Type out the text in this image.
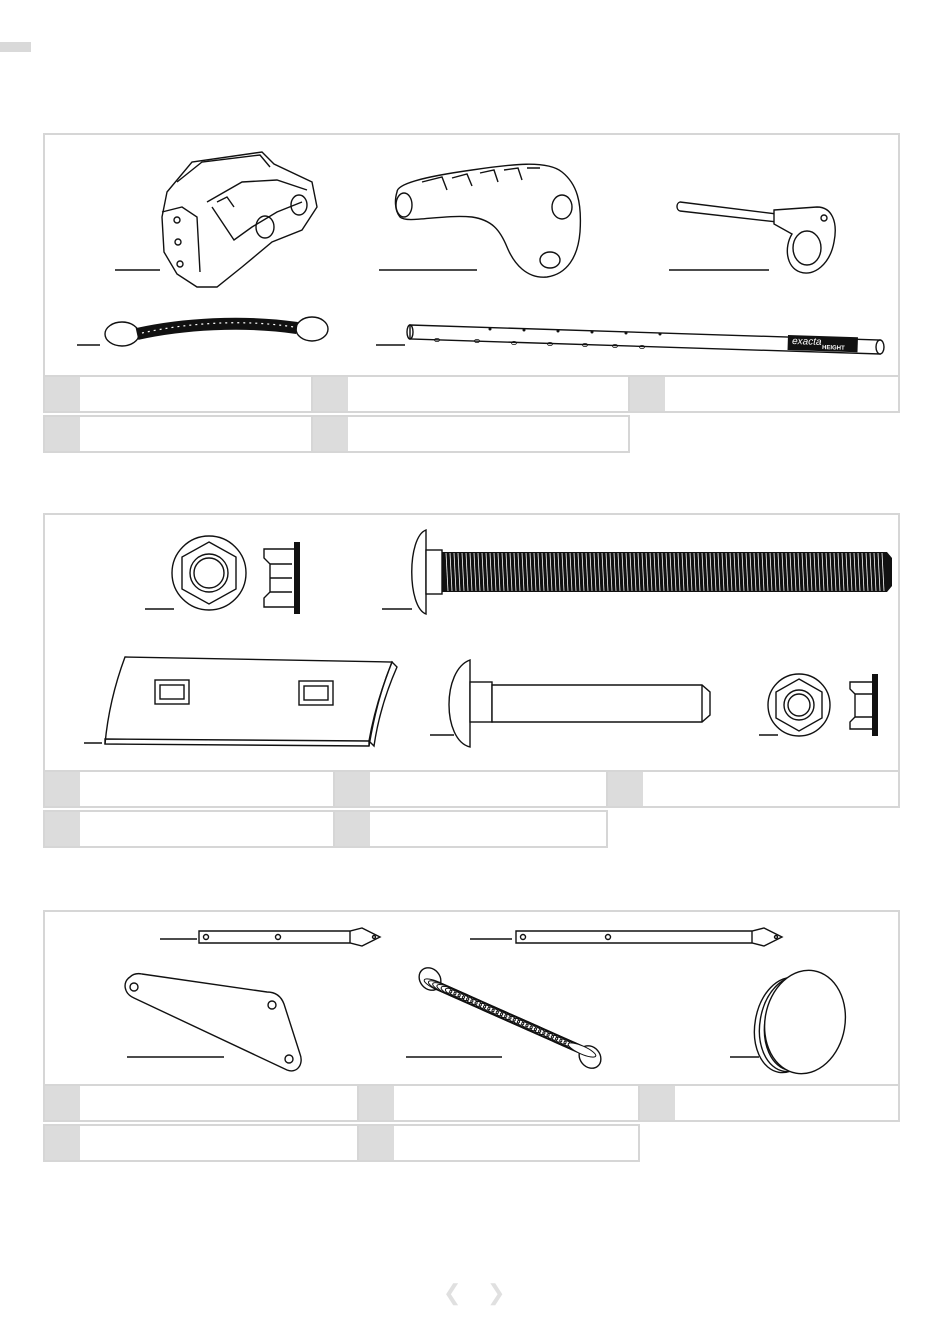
exacta
HEIGHT
❮ ❯
